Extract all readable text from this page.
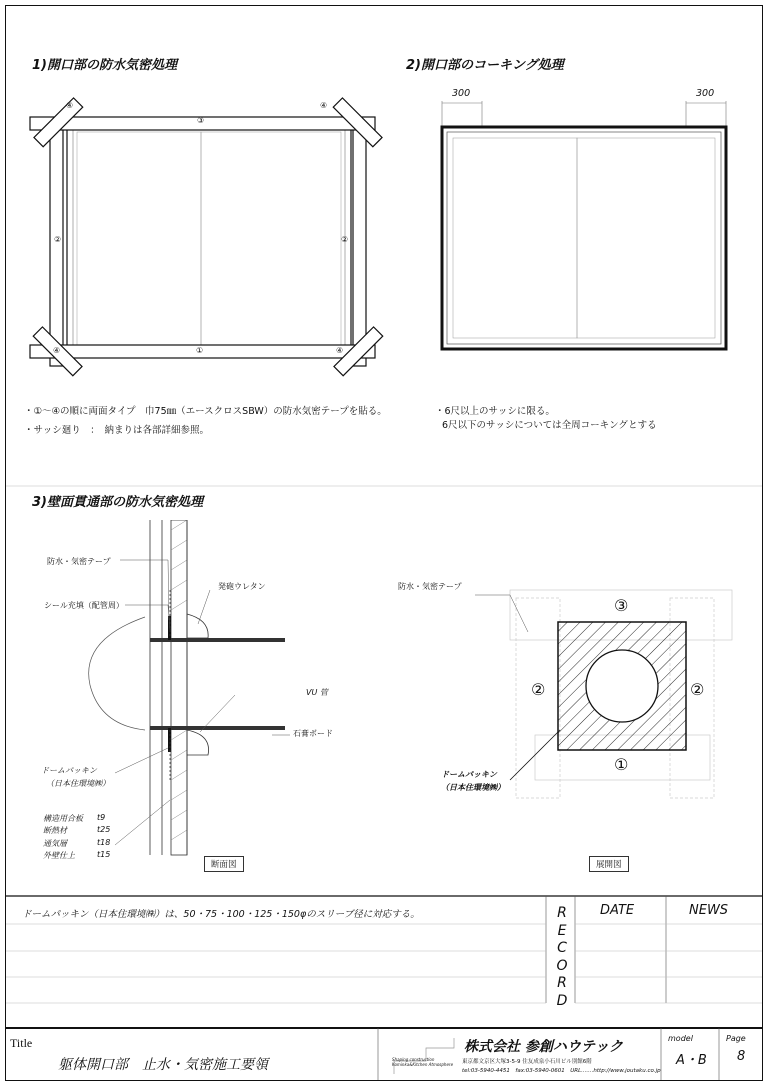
1)開口部の防水気密処理
③
②	②
①
④	④
④	④
・①～④の順に両面タイプ　巾75㎜（エースクロスSBW）の防水気密テープを貼る。
・サッシ廻り　：　納まりは各部詳細参照。
2)開口部のコーキング処理
300	300
・6尺以上のサッシに限る。
6尺以下のサッシについては全周コーキングとする
3)壁面貫通部の防水気密処理
防水・気密テープ
シール充填（配管周）
発砲ウレタン
VU 管
石膏ボード
ドームパッキン
（日本住環境㈱）
構造用合板 t9
断熱材	t25
通気層	t18
外壁仕上	t15
断面図
防水・気密テープ
③
②	②
①
ドームパッキン
（日本住環境㈱）
展開図
ドームパッキン（日本住環境㈱）は、50・75・100・125・150φのスリーブ径に対応する。	R
E
C
O
R
D
DATE	NEWS
Title
躯体開口部　止水・気密施工要領	Shaping construction
Kominka&Kitchen Atmosphere
株式会社 参創ハウテック
東京都文京区大塚3-5-9 住友成泉小石川ビル別館6階
tel:03-5940-4451　fax:03-5940-0601　URL.......http://www.joutaku.co.jp
model
A・B
Page
8
